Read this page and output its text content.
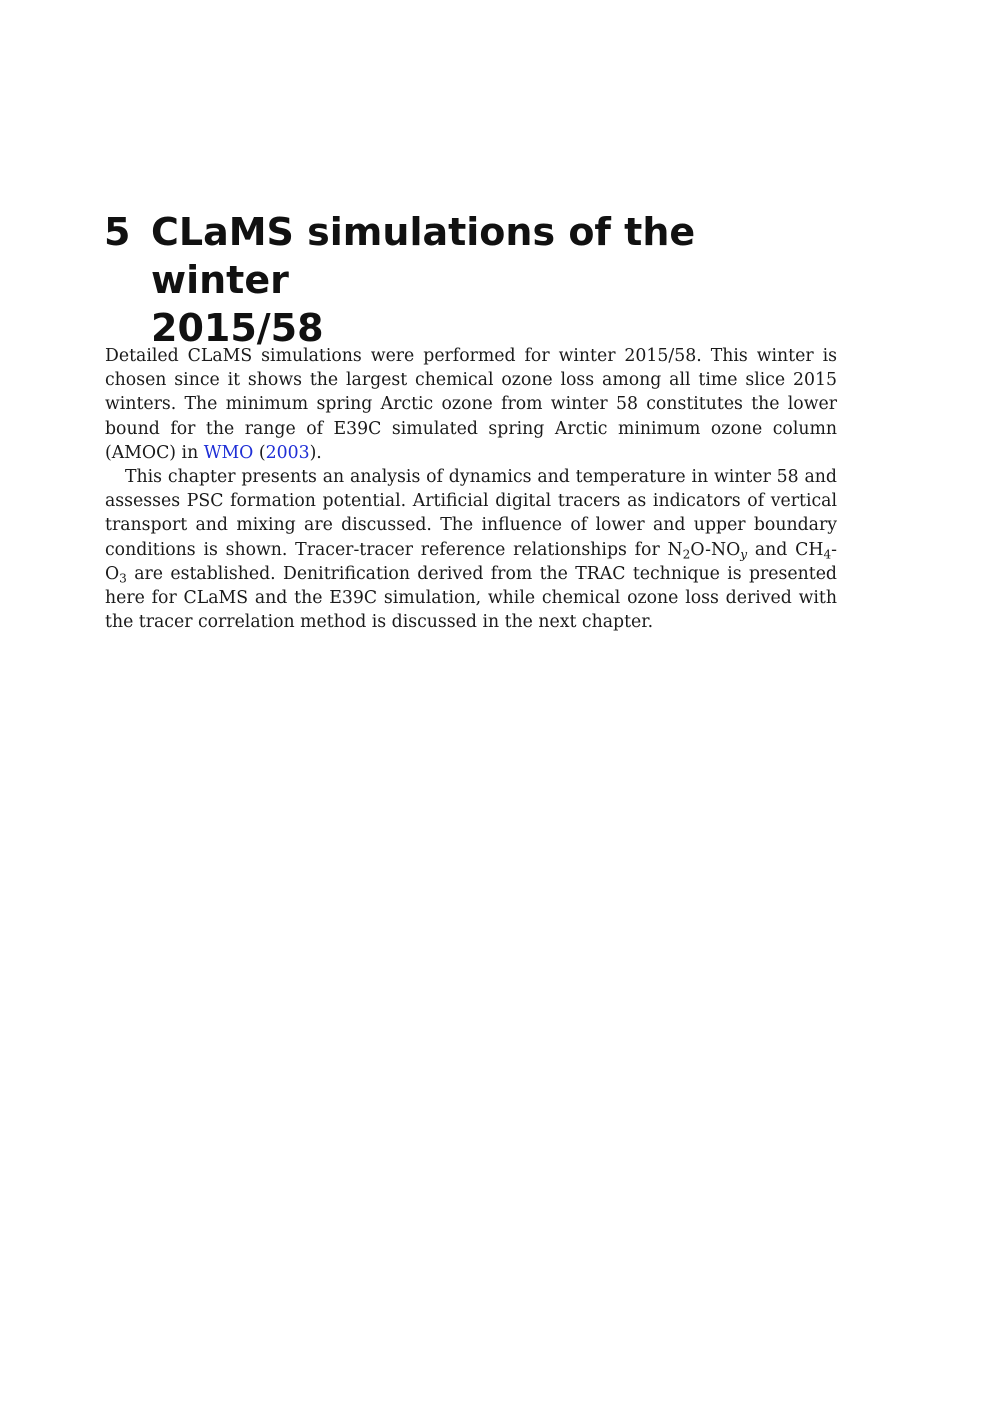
5 CLaMS simulations of the winter
2015/58

Detailed CLaMS simulations were performed for winter 2015/58. This winter is chosen since it shows the largest chemical ozone loss among all time slice 2015 winters. The minimum spring Arctic ozone from winter 58 constitutes the lower bound for the range of E39C simulated spring Arctic minimum ozone column (AMOC) in WMO (2003).

This chapter presents an analysis of dynamics and temperature in winter 58 and assesses PSC formation potential. Artificial digital tracers as indicators of vertical transport and mixing are discussed. The influence of lower and upper boundary conditions is shown. Tracer-tracer reference relationships for $N_2O-NO_y$ and $CH_4-O_3$ are established. Denitrification derived from the TRAC technique is presented here for CLaMS and the E39C simulation, while chemical ozone loss derived with the tracer correlation method is discussed in the next chapter.
